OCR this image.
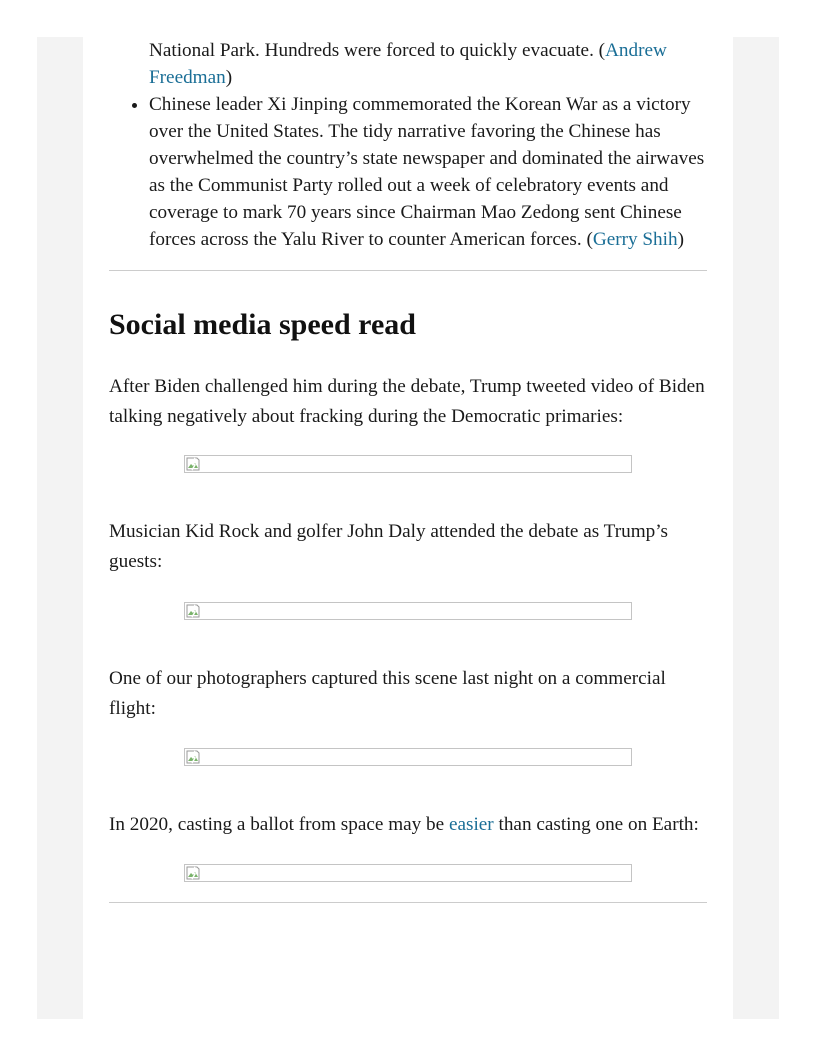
National Park. Hundreds were forced to quickly evacuate. (Andrew Freedman)
• Chinese leader Xi Jinping commemorated the Korean War as a victory over the United States. The tidy narrative favoring the Chinese has overwhelmed the country’s state newspaper and dominated the airwaves as the Communist Party rolled out a week of celebratory events and coverage to mark 70 years since Chairman Mao Zedong sent Chinese forces across the Yalu River to counter American forces. (Gerry Shih)
Social media speed read

After Biden challenged him during the debate, Trump tweeted video of Biden talking negatively about fracking during the Democratic primaries:

Musician Kid Rock and golfer John Daly attended the debate as Trump’s guests:

One of our photographers captured this scene last night on a commercial flight:

In 2020, casting a ballot from space may be easier than casting one on Earth:
